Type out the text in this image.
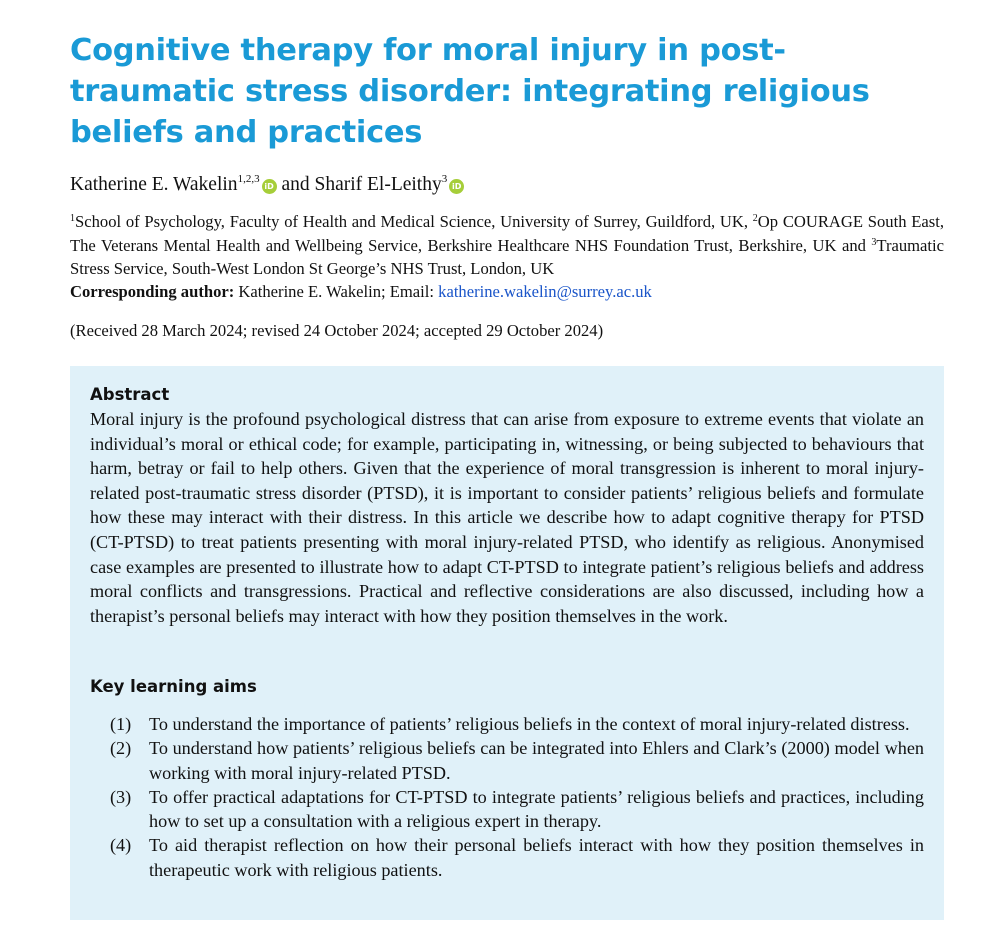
Cognitive therapy for moral injury in post-traumatic stress disorder: integrating religious beliefs and practices

Katherine E. Wakelin$^{1,2,3}$iD and Sharif El-Leithy$^3$iD

$^1$School of Psychology, Faculty of Health and Medical Science, University of Surrey, Guildford, UK, $^2$Op COURAGE South East, The Veterans Mental Health and Wellbeing Service, Berkshire Healthcare NHS Foundation Trust, Berkshire, UK and $^3$Traumatic Stress Service, South-West London St George’s NHS Trust, London, UK

Corresponding author: Katherine E. Wakelin; Email: katherine.wakelin@surrey.ac.uk

(Received 28 March 2024; revised 24 October 2024; accepted 29 October 2024)

Abstract

Moral injury is the profound psychological distress that can arise from exposure to extreme events that violate an individual’s moral or ethical code; for example, participating in, witnessing, or being subjected to behaviours that harm, betray or fail to help others. Given that the experience of moral transgression is inherent to moral injury-related post-traumatic stress disorder (PTSD), it is important to consider patients’ religious beliefs and formulate how these may interact with their distress. In this article we describe how to adapt cognitive therapy for PTSD (CT-PTSD) to treat patients presenting with moral injury-related PTSD, who identify as religious. Anonymised case examples are presented to illustrate how to adapt CT-PTSD to integrate patient’s religious beliefs and address moral conflicts and transgressions. Practical and reflective considerations are also discussed, including how a therapist’s personal beliefs may interact with how they position themselves in the work.

Key learning aims
(1) To understand the importance of patients’ religious beliefs in the context of moral injury-related distress.
(2) To understand how patients’ religious beliefs can be integrated into Ehlers and Clark’s (2000) model when working with moral injury-related PTSD.
(3) To offer practical adaptations for CT-PTSD to integrate patients’ religious beliefs and practices, including how to set up a consultation with a religious expert in therapy.
(4) To aid therapist reflection on how their personal beliefs interact with how they position themselves in therapeutic work with religious patients.
